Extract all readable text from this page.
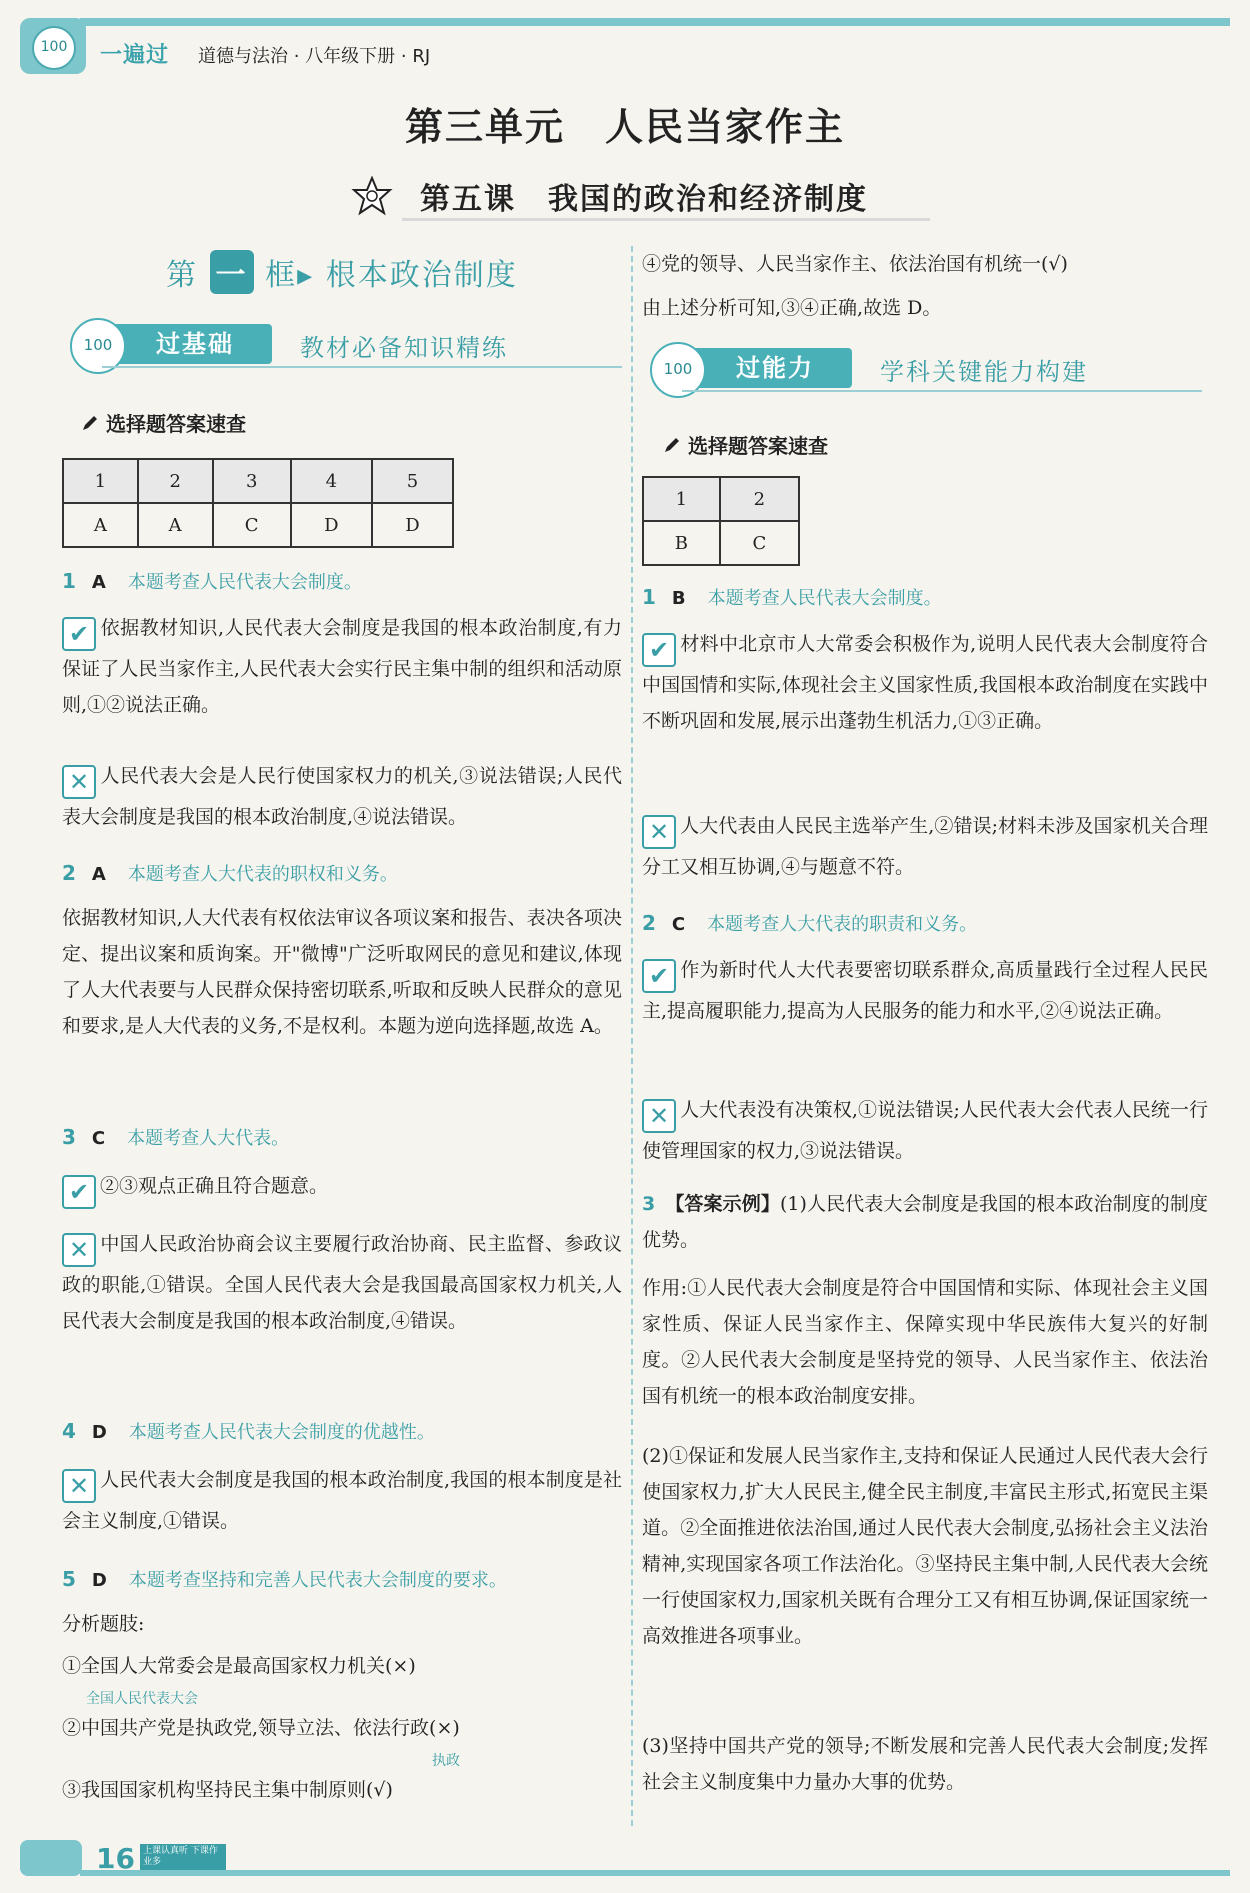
100	一遍过 道德与法治 · 八年级下册 · RJ
第三单元　人民当家作主
第五课　我国的政治和经济制度
第 一 框▸ 根本政治制度
过基础
100	教材必备知识精练
选择题答案速查
1	2	3	4	5
A	A	C	D	D
1 A 本题考查人民代表大会制度。
✔ 依据教材知识,人民代表大会制度是我国的根本政治制度,有力保证了人民当家作主,人民代表大会实行民主集中制的组织和活动原则,①②说法正确。
✕ 人民代表大会是人民行使国家权力的机关,③说法错误;人民代表大会制度是我国的根本政治制度,④说法错误。
2 A 本题考查人大代表的职权和义务。
依据教材知识,人大代表有权依法审议各项议案和报告、表决各项决定、提出议案和质询案。开"微博"广泛听取网民的意见和建议,体现了人大代表要与人民群众保持密切联系,听取和反映人民群众的意见和要求,是人大代表的义务,不是权利。本题为逆向选择题,故选 A。
3 C 本题考查人大代表。
✔ ②③观点正确且符合题意。
✕ 中国人民政治协商会议主要履行政治协商、民主监督、参政议政的职能,①错误。全国人民代表大会是我国最高国家权力机关,人民代表大会制度是我国的根本政治制度,④错误。
4 D 本题考查人民代表大会制度的优越性。
✕ 人民代表大会制度是我国的根本政治制度,我国的根本制度是社会主义制度,①错误。
5 D 本题考查坚持和完善人民代表大会制度的要求。
分析题肢:
①全国人大常委会是最高国家权力机关(×)
全国人民代表大会
②中国共产党是执政党,领导立法、依法行政(×)
执政
③我国国家机构坚持民主集中制原则(√)
④党的领导、人民当家作主、依法治国有机统一(√)
由上述分析可知,③④正确,故选 D。
过能力
100	学科关键能力构建
选择题答案速查
1	2
B	C
1 B 本题考查人民代表大会制度。
✔ 材料中北京市人大常委会积极作为,说明人民代表大会制度符合中国国情和实际,体现社会主义国家性质,我国根本政治制度在实践中不断巩固和发展,展示出蓬勃生机活力,①③正确。
✕ 人大代表由人民民主选举产生,②错误;材料未涉及国家机关合理分工又相互协调,④与题意不符。
2 C 本题考查人大代表的职责和义务。
✔ 作为新时代人大代表要密切联系群众,高质量践行全过程人民民主,提高履职能力,提高为人民服务的能力和水平,②④说法正确。
✕ 人大代表没有决策权,①说法错误;人民代表大会代表人民统一行使管理国家的权力,③说法错误。
3 【答案示例】(1)人民代表大会制度是我国的根本政治制度的制度优势。
作用:①人民代表大会制度是符合中国国情和实际、体现社会主义国家性质、保证人民当家作主、保障实现中华民族伟大复兴的好制度。②人民代表大会制度是坚持党的领导、人民当家作主、依法治国有机统一的根本政治制度安排。
(2)①保证和发展人民当家作主,支持和保证人民通过人民代表大会行使国家权力,扩大人民民主,健全民主制度,丰富民主形式,拓宽民主渠道。②全面推进依法治国,通过人民代表大会制度,弘扬社会主义法治精神,实现国家各项工作法治化。③坚持民主集中制,人民代表大会统一行使国家权力,国家机关既有合理分工又有相互协调,保证国家统一高效推进各项事业。
(3)坚持中国共产党的领导;不断发展和完善人民代表大会制度;发挥社会主义制度集中力量办大事的优势。
16 上课认真听 下课作业多
